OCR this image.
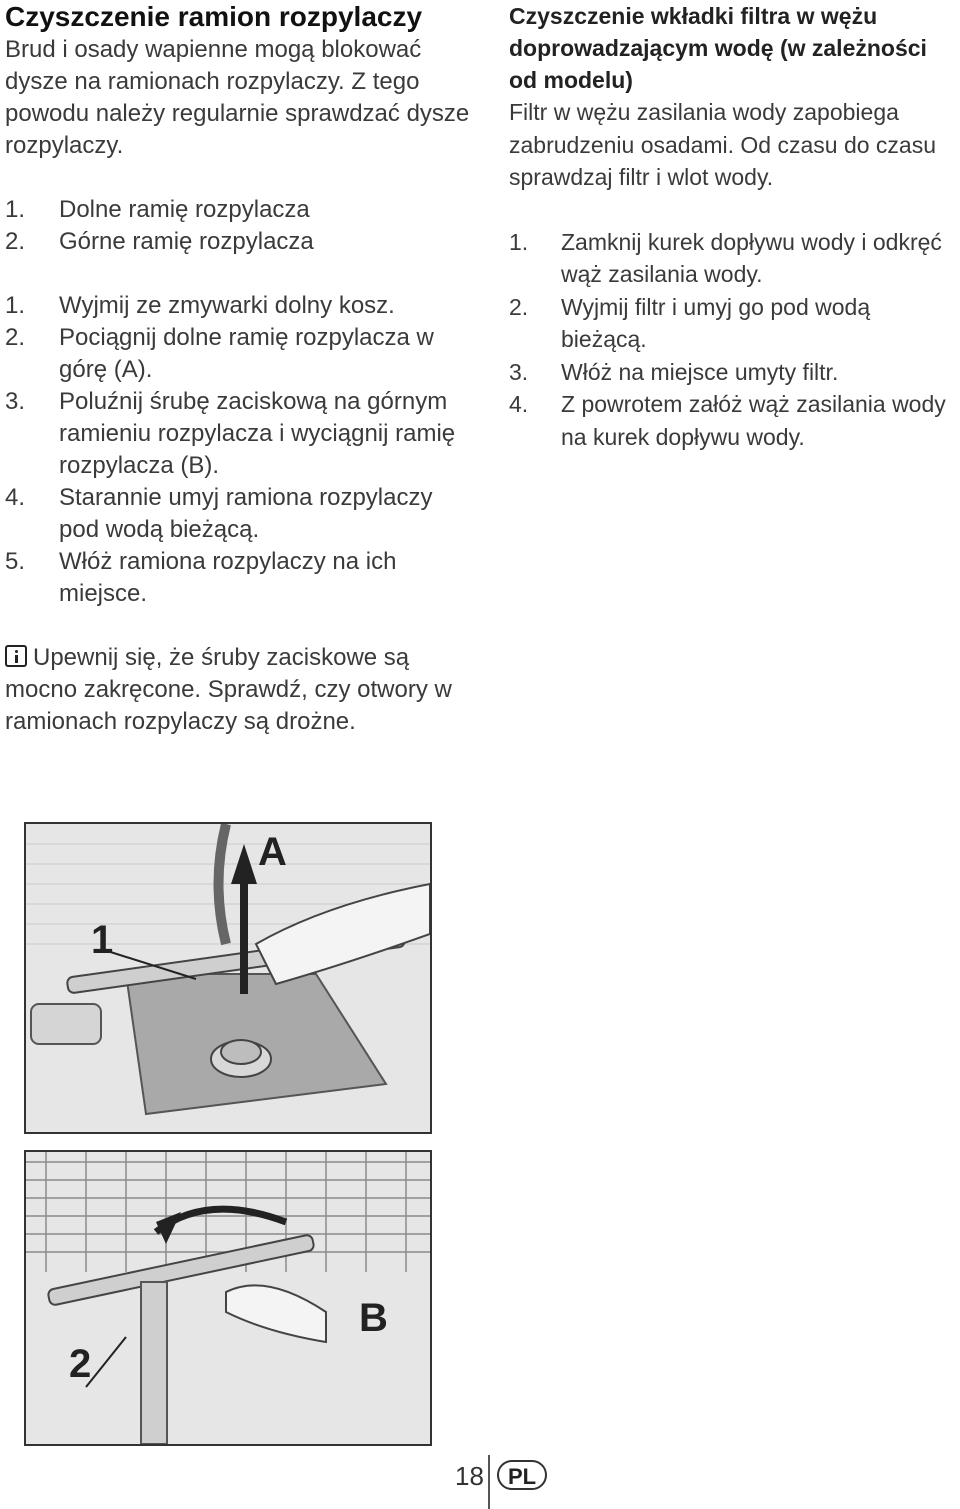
Czyszczenie ramion rozpylaczy

Brud i osady wapienne mogą blokować dysze na ramionach rozpylaczy. Z tego powodu należy regularnie sprawdzać dysze rozpylaczy.

1. Dolne ramię rozpylacza
2. Górne ramię rozpylacza
1. Wyjmij ze zmywarki dolny kosz.
2. Pociągnij dolne ramię rozpylacza w górę (A).
3. Poluźnij śrubę zaciskową na górnym ramieniu rozpylacza i wyciągnij ramię rozpylacza (B).
4. Starannie umyj ramiona rozpylaczy pod wodą bieżącą.
5. Włóż ramiona rozpylaczy na ich miejsce.

Upewnij się, że śruby zaciskowe są mocno zakręcone. Sprawdź, czy otwory w ramionach rozpylaczy są drożne.

Czyszczenie wkładki filtra w wężu doprowadzającym wodę (w zależności od modelu)

Filtr w wężu zasilania wody zapobiega zabrudzeniu osadami. Od czasu do czasu sprawdzaj filtr i wlot wody.

1. Zamknij kurek dopływu wody i odkręć wąż zasilania wody.
2. Wyjmij filtr i umyj go pod wodą bieżącą.
3. Włóż na miejsce umyty filtr.
4. Z powrotem załóż wąż zasilania wody na kurek dopływu wody.
A
1
B
2
18	PL
